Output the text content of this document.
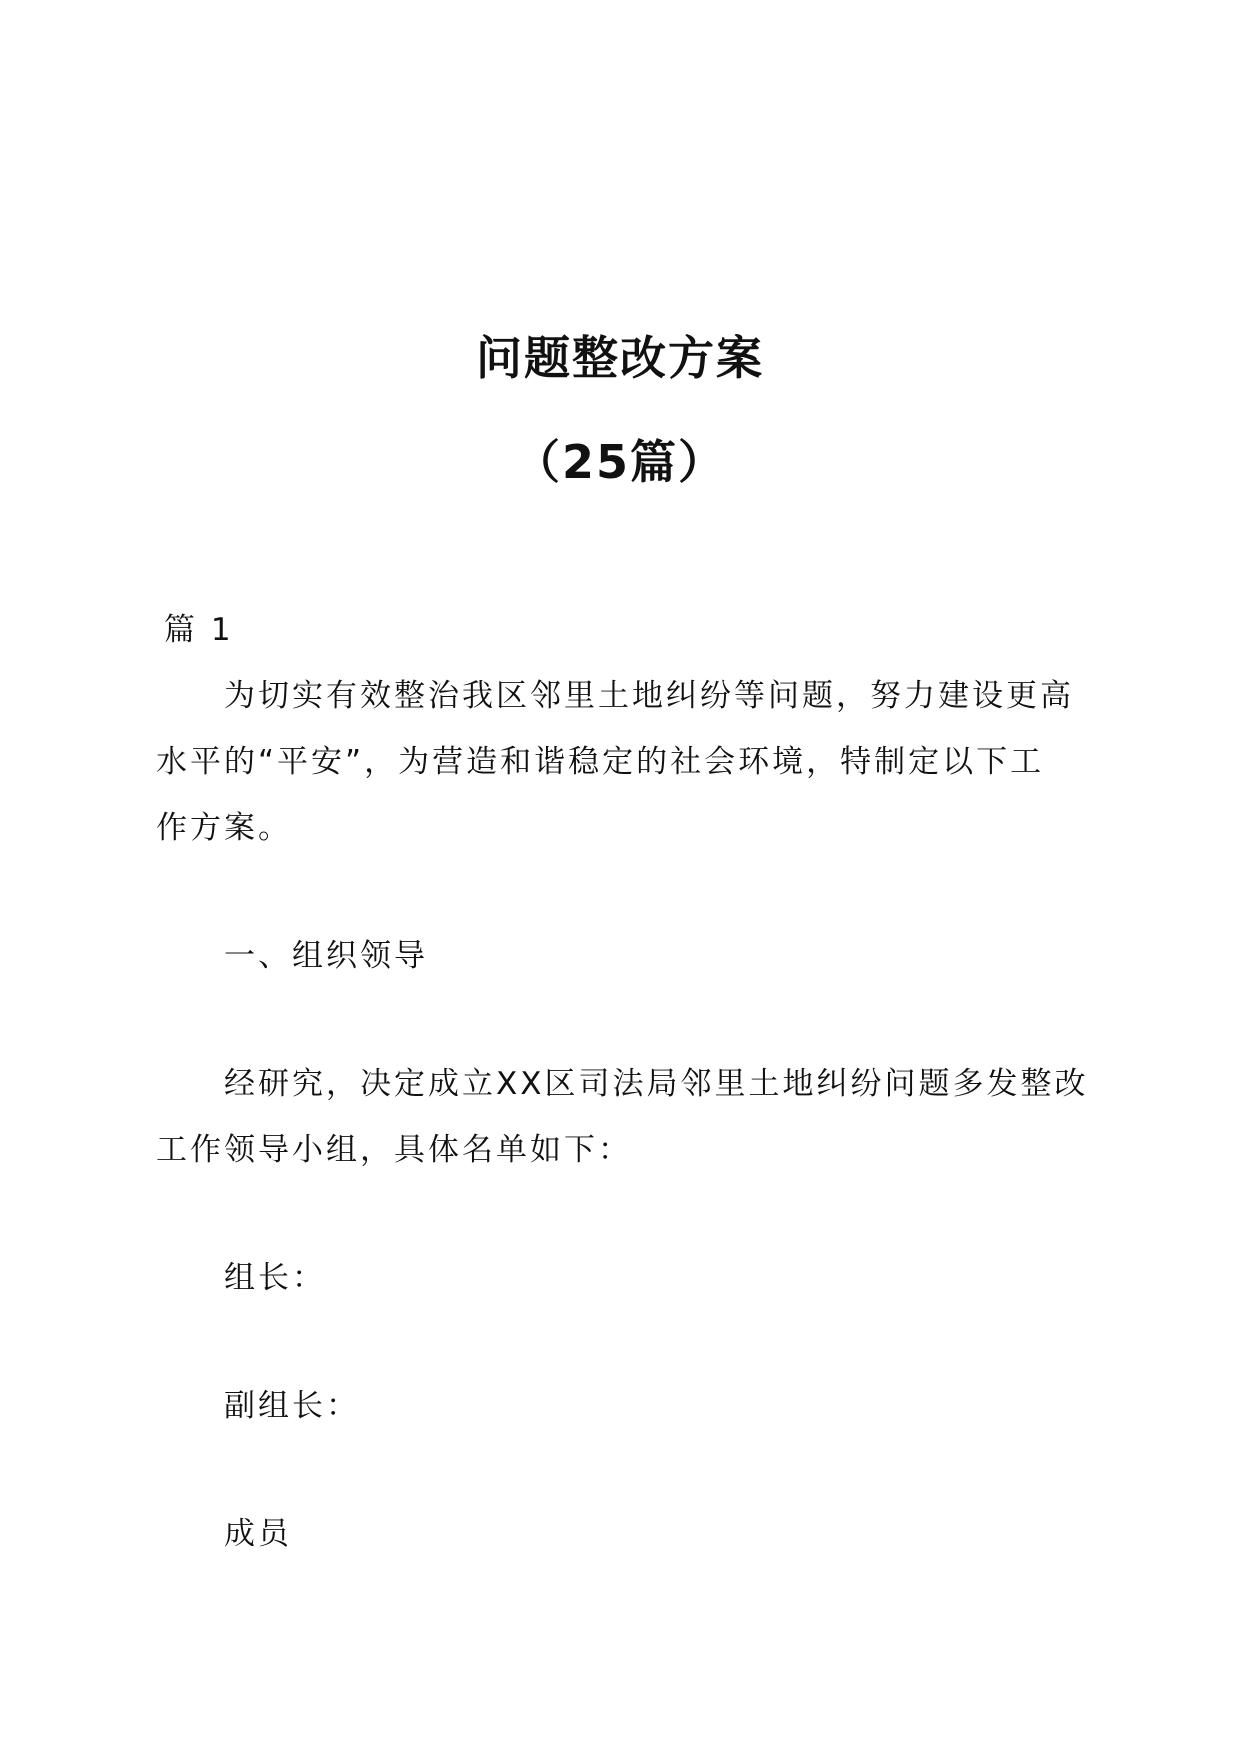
问题整改方案
（25篇）

篇 1

为切实有效整治我区邻里土地纠纷等问题，努力建设更高

水平的“平安”，为营造和谐稳定的社会环境，特制定以下工

作方案。

一、组织领导

经研究，决定成立XX区司法局邻里土地纠纷问题多发整改

工作领导小组，具体名单如下：

组长：

副组长：

成员
